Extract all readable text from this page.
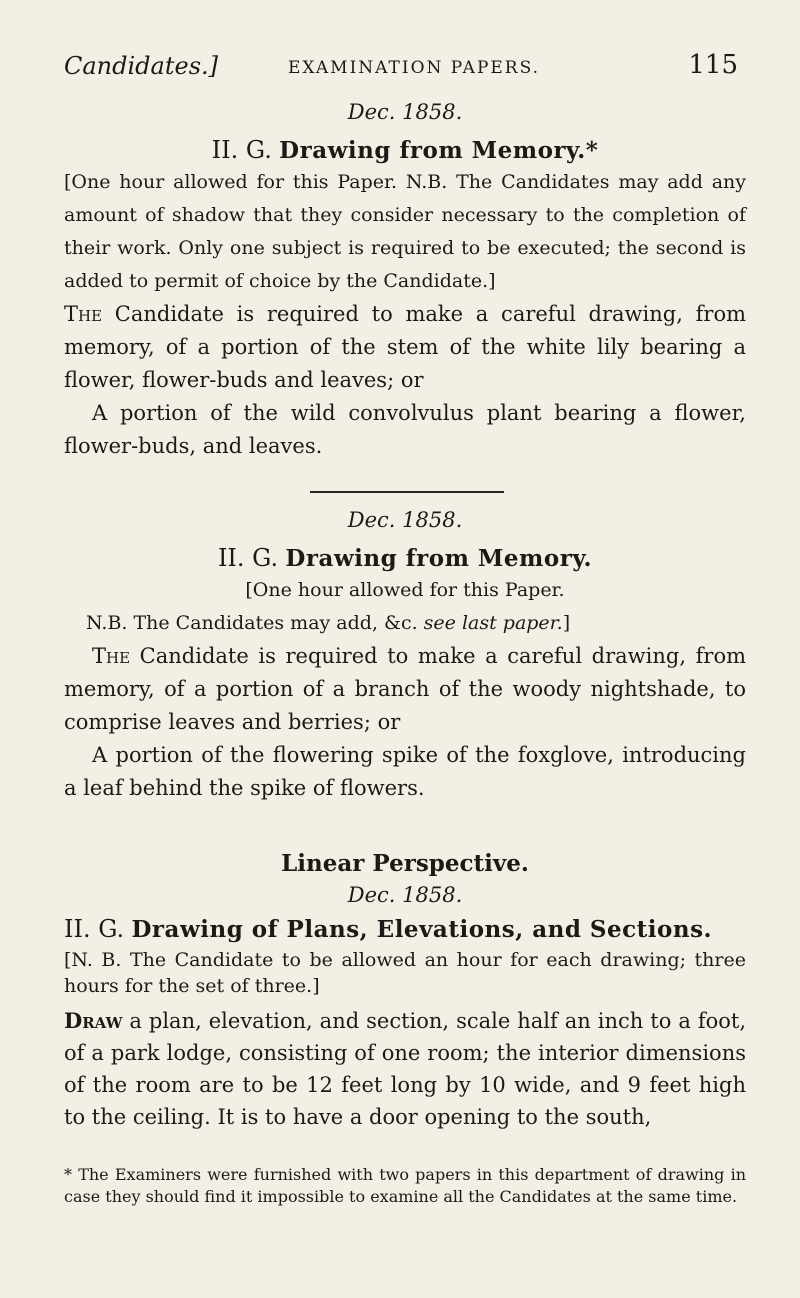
Candidates.]	EXAMINATION PAPERS.	115
Dec. 1858.
II. G. Drawing from Memory.*
[One hour allowed for this Paper. N.B. The Candidates may add any amount of shadow that they consider necessary to the completion of their work. Only one subject is required to be executed; the second is added to permit of choice by the Candidate.]
The Candidate is required to make a careful drawing, from memory, of a portion of the stem of the white lily bearing a flower, flower-buds and leaves; or
A portion of the wild convolvulus plant bearing a flower, flower-buds, and leaves.
Dec. 1858.
II. G. Drawing from Memory.
[One hour allowed for this Paper.
N.B. The Candidates may add, &c. see last paper.]
The Candidate is required to make a careful drawing, from memory, of a portion of a branch of the woody nightshade, to comprise leaves and berries; or
A portion of the flowering spike of the foxglove, introducing a leaf behind the spike of flowers.
Linear Perspective.
Dec. 1858.
II. G. Drawing of Plans, Elevations, and Sections.
[N. B. The Candidate to be allowed an hour for each drawing; three hours for the set of three.]
Draw a plan, elevation, and section, scale half an inch to a foot, of a park lodge, consisting of one room; the interior dimensions of the room are to be 12 feet long by 10 wide, and 9 feet high to the ceiling. It is to have a door opening to the south,
* The Examiners were furnished with two papers in this department of drawing in case they should find it impossible to examine all the Candidates at the same time.
